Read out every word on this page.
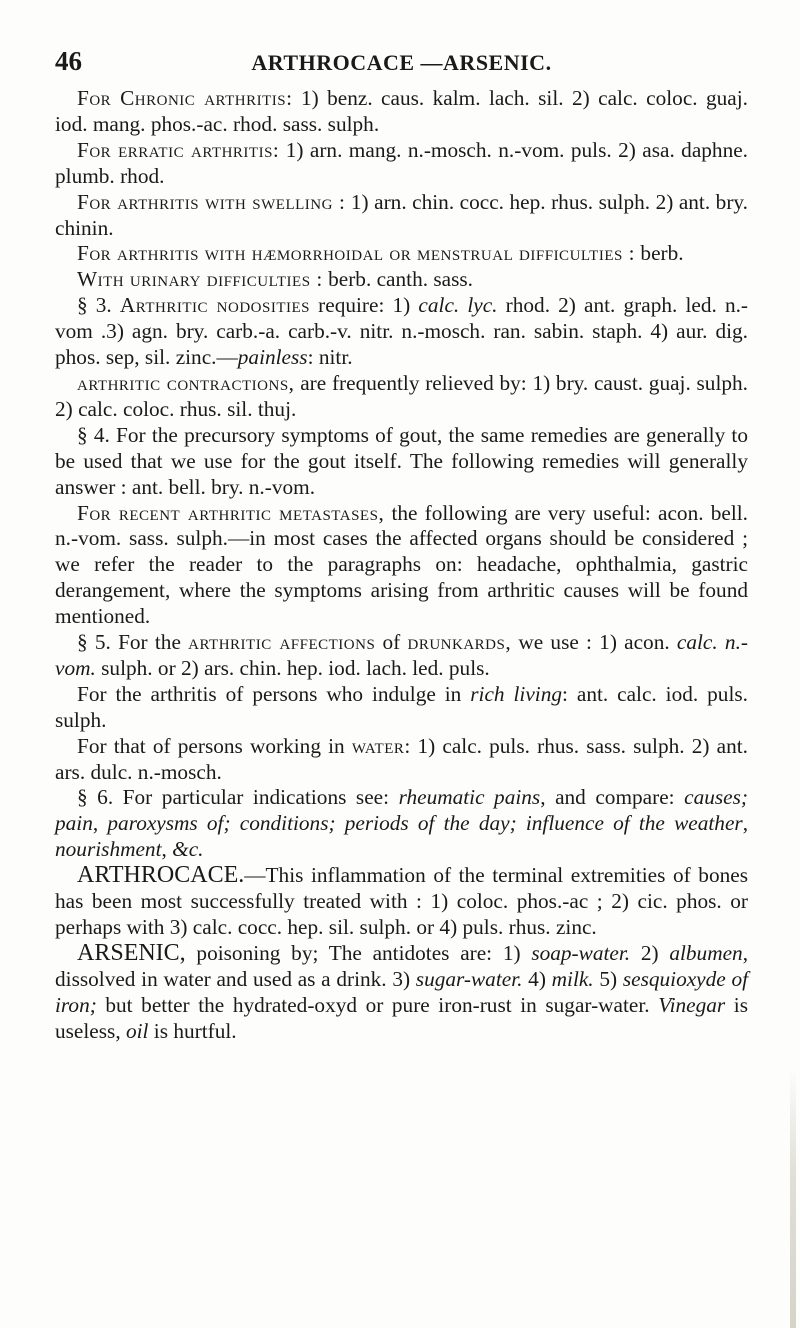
46	ARTHROCACE —ARSENIC.

For Chronic arthritis: 1) benz. caus. kalm. lach. sil. 2) calc. coloc. guaj. iod. mang. phos.-ac. rhod. sass. sulph.

For erratic arthritis: 1) arn. mang. n.-mosch. n.-vom. puls. 2) asa. daphne. plumb. rhod.

For arthritis with swelling : 1) arn. chin. cocc. hep. rhus. sulph. 2) ant. bry. chinin.

For arthritis with hæmorrhoidal or menstrual difficulties : berb.

With urinary difficulties : berb. canth. sass.

§ 3. Arthritic nodosities require: 1) calc. lyc. rhod. 2) ant. graph. led. n.-vom .3) agn. bry. carb.-a. carb.-v. nitr. n.-mosch. ran. sabin. staph. 4) aur. dig. phos. sep, sil. zinc.—painless: nitr.

arthritic contractions, are frequently relieved by: 1) bry. caust. guaj. sulph. 2) calc. coloc. rhus. sil. thuj.

§ 4. For the precursory symptoms of gout, the same remedies are generally to be used that we use for the gout itself. The following remedies will generally answer : ant. bell. bry. n.-vom.

For recent arthritic metastases, the following are very useful: acon. bell. n.-vom. sass. sulph.—in most cases the affected organs should be considered ; we refer the reader to the paragraphs on: headache, ophthalmia, gastric derangement, where the symptoms arising from arthritic causes will be found mentioned.

§ 5. For the arthritic affections of drunkards, we use : 1) acon. calc. n.-vom. sulph. or 2) ars. chin. hep. iod. lach. led. puls.

For the arthritis of persons who indulge in rich living: ant. calc. iod. puls. sulph.

For that of persons working in water: 1) calc. puls. rhus. sass. sulph. 2) ant. ars. dulc. n.-mosch.

§ 6. For particular indications see: rheumatic pains, and compare: causes; pain, paroxysms of; conditions; periods of the day; influence of the weather, nourishment, &c.

ARTHROCACE.—This inflammation of the terminal extremities of bones has been most successfully treated with : 1) coloc. phos.-ac ; 2) cic. phos. or perhaps with 3) calc. cocc. hep. sil. sulph. or 4) puls. rhus. zinc.

ARSENIC, poisoning by; The antidotes are: 1) soap-water. 2) albumen, dissolved in water and used as a drink. 3) sugar-water. 4) milk. 5) sesquioxyde of iron; but better the hydrated-oxyd or pure iron-rust in sugar-water. Vinegar is useless, oil is hurtful.
